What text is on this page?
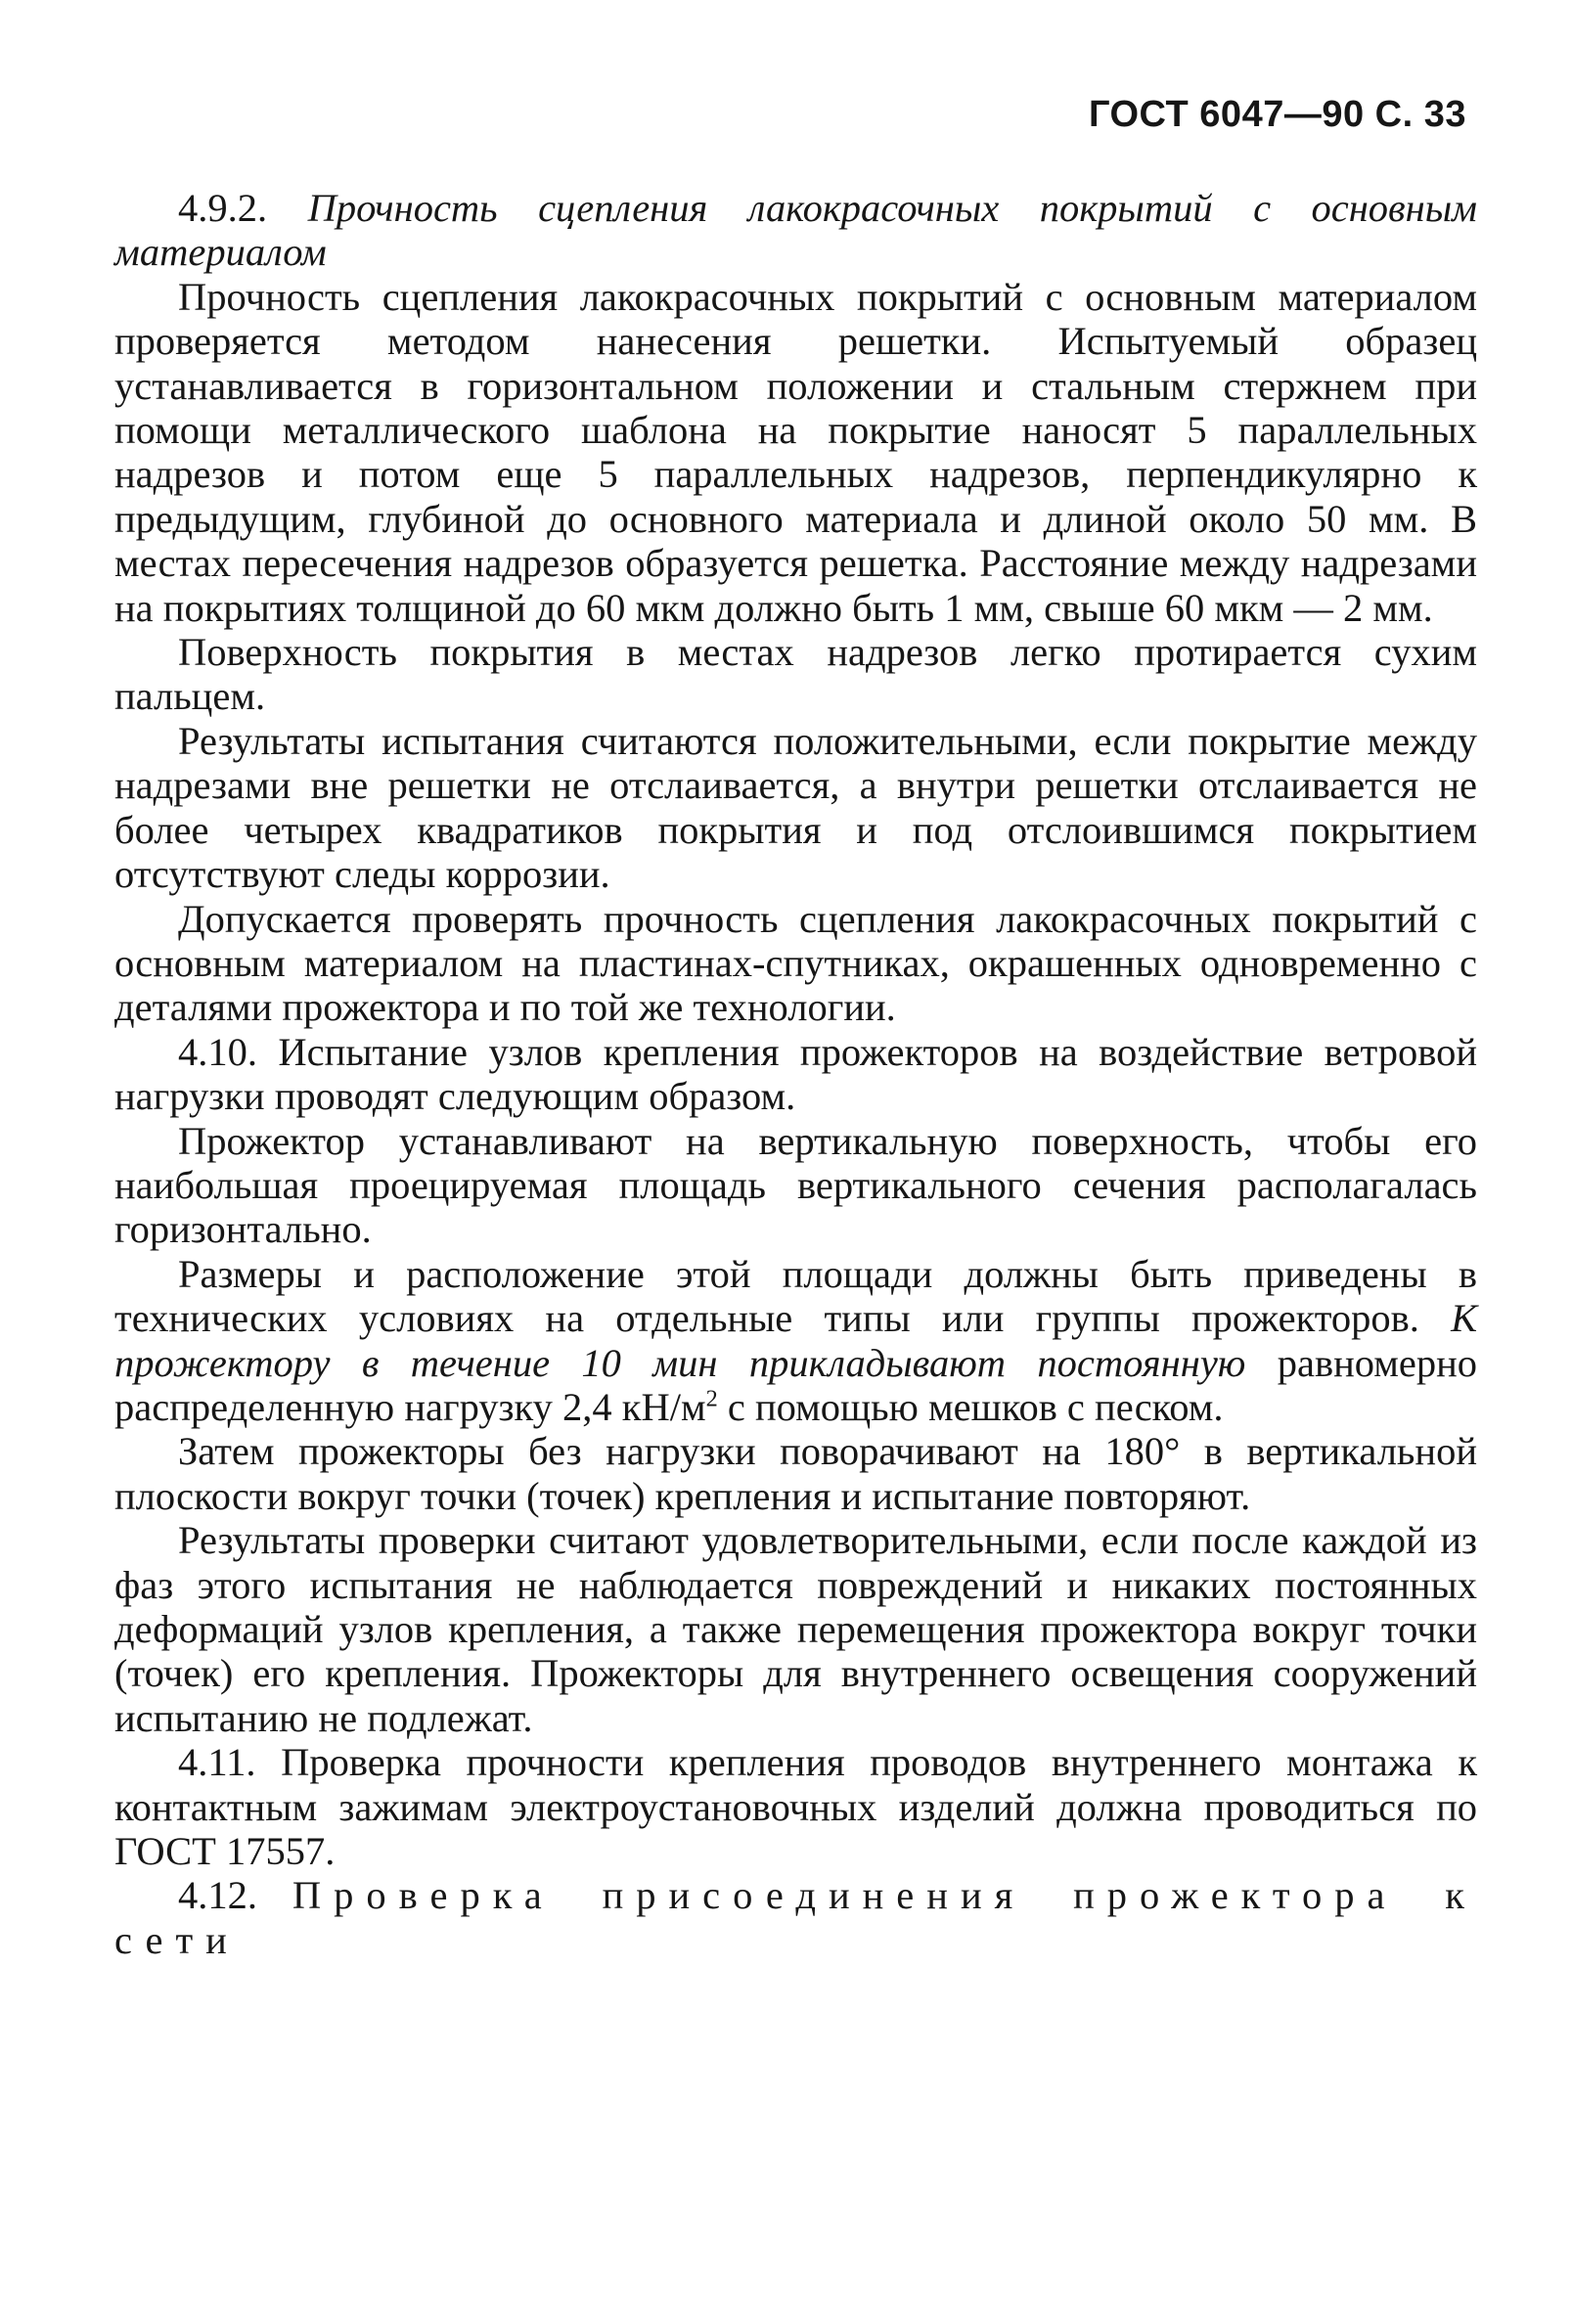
ГОСТ 6047—90 С. 33

4.9.2. Прочность сцепления лакокрасочных покрытий с основным материалом

Прочность сцепления лакокрасочных покрытий с основным материалом проверяется методом нанесения решетки. Испытуемый образец устанавливается в горизонтальном положении и стальным стержнем при помощи металлического шаблона на покрытие наносят 5 параллельных надрезов и потом еще 5 параллельных надрезов, перпендикулярно к предыдущим, глубиной до основного материала и длиной около 50 мм. В местах пересечения надрезов образуется решетка. Расстояние между надрезами на покрытиях толщиной до 60 мкм должно быть 1 мм, свыше 60 мкм — 2 мм.

Поверхность покрытия в местах надрезов легко протирается сухим пальцем.

Результаты испытания считаются положительными, если покрытие между надрезами вне решетки не отслаивается, а внутри решетки отслаивается не более четырех квадратиков покрытия и под отслоившимся покрытием отсутствуют следы коррозии.

Допускается проверять прочность сцепления лакокрасочных покрытий с основным материалом на пластинах-спутниках, окрашенных одновременно с деталями прожектора и по той же технологии.

4.10. Испытание узлов крепления прожекторов на воздействие ветровой нагрузки проводят следующим образом.

Прожектор устанавливают на вертикальную поверхность, чтобы его наибольшая проецируемая площадь вертикального сечения располагалась горизонтально.

Размеры и расположение этой площади должны быть приведены в технических условиях на отдельные типы или группы прожекторов. К прожектору в течение 10 мин прикладывают постоянную равномерно распределенную нагрузку 2,4 $кН/м^2$ с помощью мешков с песком.

Затем прожекторы без нагрузки поворачивают на 180° в вертикальной плоскости вокруг точки (точек) крепления и испытание повторяют.

Результаты проверки считают удовлетворительными, если после каждой из фаз этого испытания не наблюдается повреждений и никаких постоянных деформаций узлов крепления, а также перемещения прожектора вокруг точки (точек) его крепления. Прожекторы для внутреннего освещения сооружений испытанию не подлежат.

4.11. Проверка прочности крепления проводов внутреннего монтажа к контактным зажимам электроустановочных изделий должна проводиться по ГОСТ 17557.

4.12. Проверка присоединения прожектора к сети
